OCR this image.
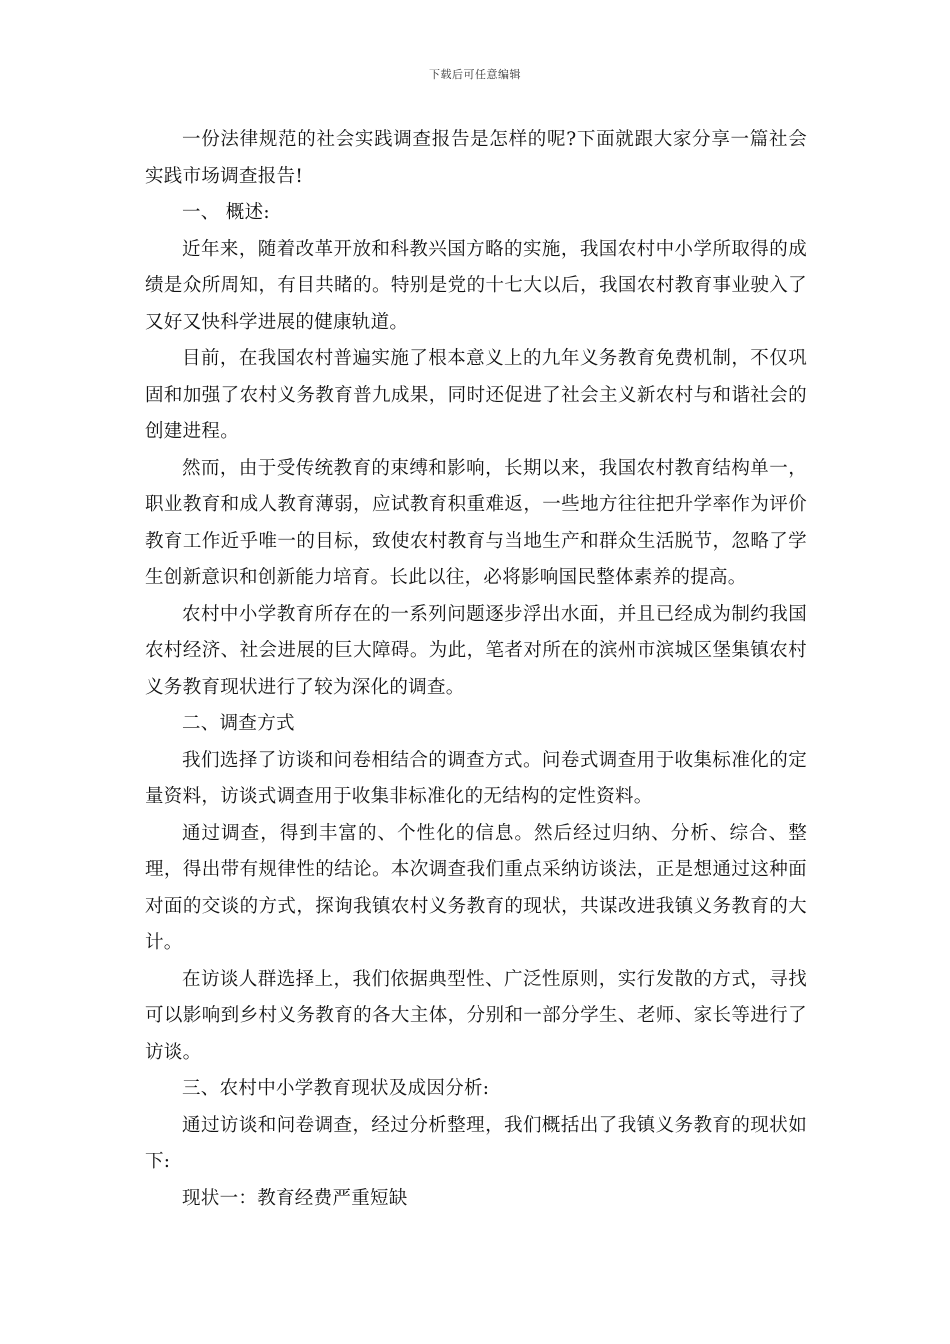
下载后可任意编辑

一份法律规范的社会实践调查报告是怎样的呢?下面就跟大家分享一篇社会实践市场调查报告!

一、 概述:

近年来，随着改革开放和科教兴国方略的实施，我国农村中小学所取得的成绩是众所周知，有目共睹的。特别是党的十七大以后，我国农村教育事业驶入了又好又快科学进展的健康轨道。

目前，在我国农村普遍实施了根本意义上的九年义务教育免费机制，不仅巩固和加强了农村义务教育普九成果，同时还促进了社会主义新农村与和谐社会的创建进程。

然而，由于受传统教育的束缚和影响，长期以来，我国农村教育结构单一，职业教育和成人教育薄弱，应试教育积重难返，一些地方往往把升学率作为评价教育工作近乎唯一的目标，致使农村教育与当地生产和群众生活脱节，忽略了学生创新意识和创新能力培育。长此以往，必将影响国民整体素养的提高。

农村中小学教育所存在的一系列问题逐步浮出水面，并且已经成为制约我国农村经济、社会进展的巨大障碍。为此，笔者对所在的滨州市滨城区堡集镇农村义务教育现状进行了较为深化的调查。

二、调查方式

我们选择了访谈和问卷相结合的调查方式。问卷式调查用于收集标准化的定量资料，访谈式调查用于收集非标准化的无结构的定性资料。

通过调查，得到丰富的、个性化的信息。然后经过归纳、分析、综合、整理，得出带有规律性的结论。本次调查我们重点采纳访谈法，正是想通过这种面对面的交谈的方式，探询我镇农村义务教育的现状，共谋改进我镇义务教育的大计。

在访谈人群选择上，我们依据典型性、广泛性原则，实行发散的方式，寻找可以影响到乡村义务教育的各大主体，分别和一部分学生、老师、家长等进行了访谈。

三、农村中小学教育现状及成因分析:

通过访谈和问卷调查，经过分析整理，我们概括出了我镇义务教育的现状如下:

现状一：教育经费严重短缺
